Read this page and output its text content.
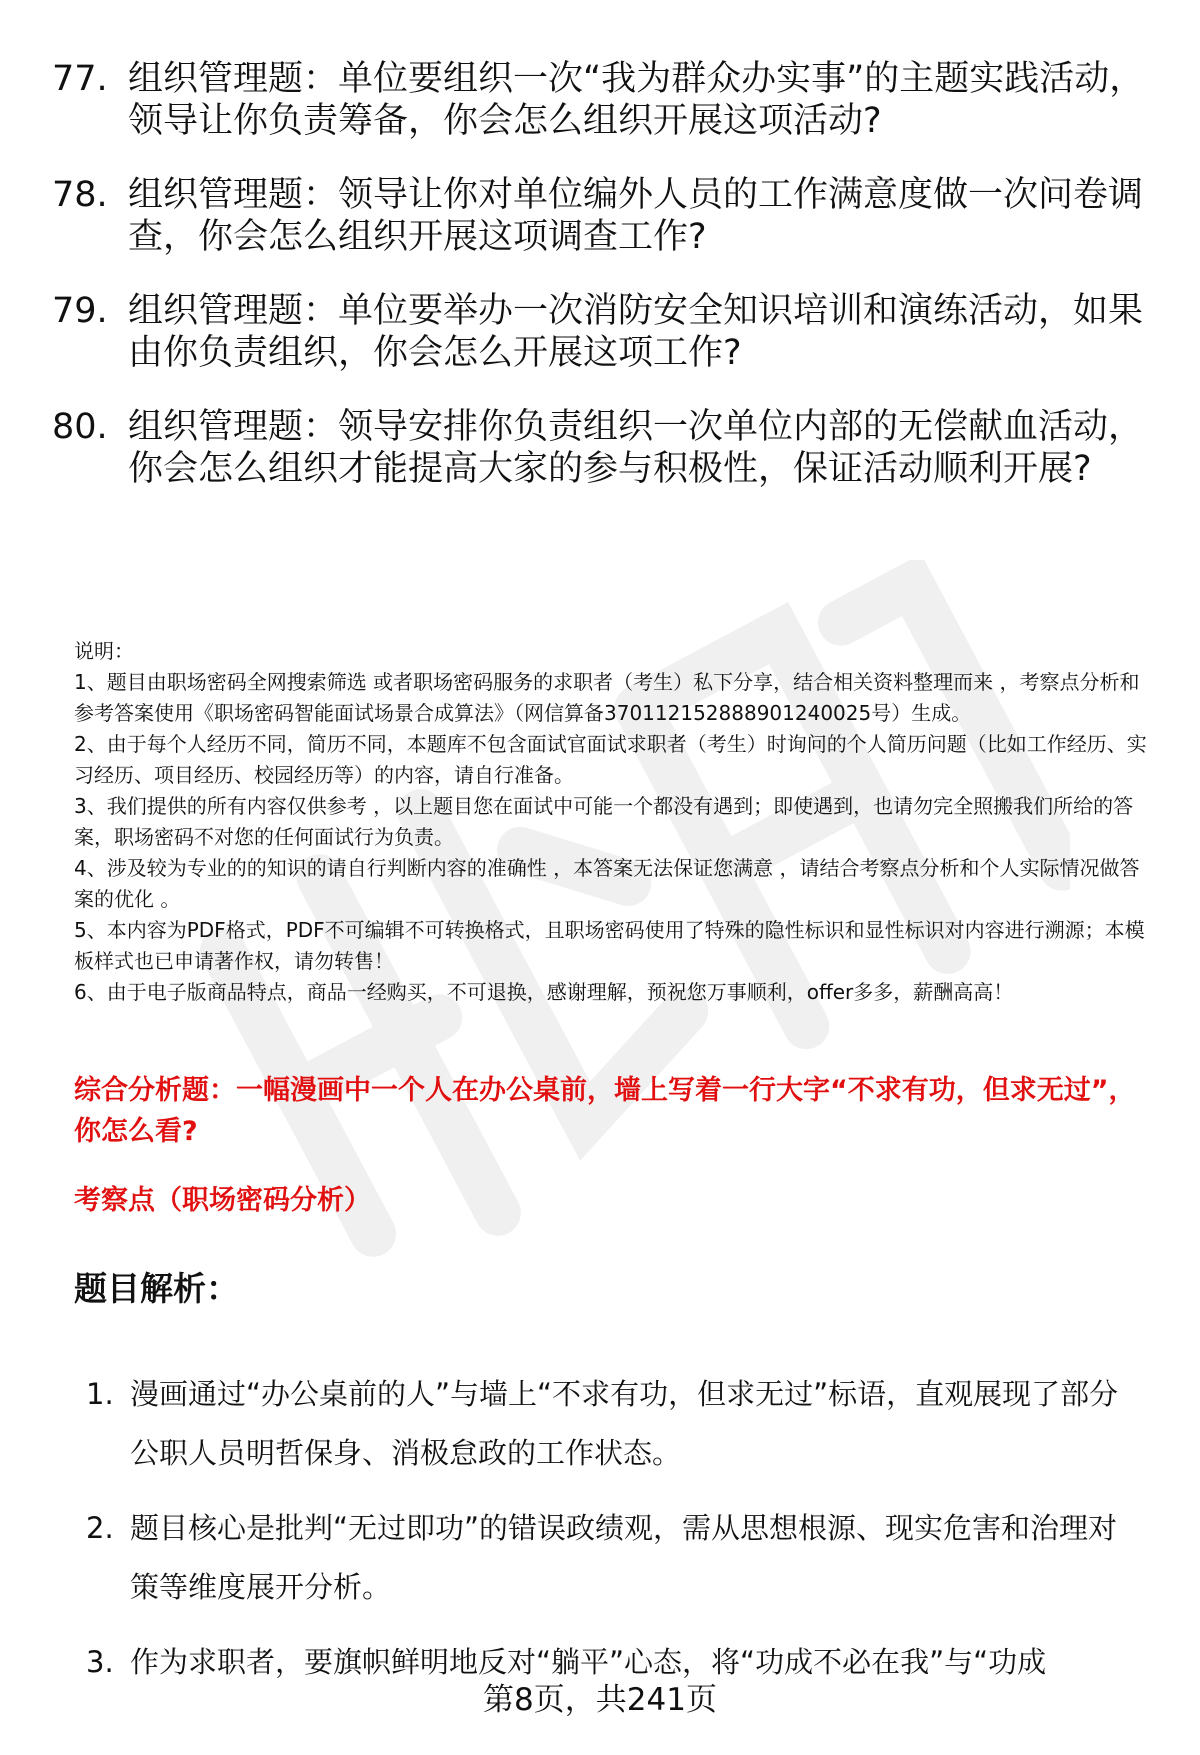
77. 组织管理题：单位要组织一次“我为群众办实事”的主题实践活动，领导让你负责筹备，你会怎么组织开展这项活动?
78. 组织管理题：领导让你对单位编外人员的工作满意度做一次问卷调查，你会怎么组织开展这项调查工作?
79. 组织管理题：单位要举办一次消防安全知识培训和演练活动，如果由你负责组织，你会怎么开展这项工作?
80. 组织管理题：领导安排你负责组织一次单位内部的无偿献血活动，你会怎么组织才能提高大家的参与积极性，保证活动顺利开展?
说明：
1、题目由职场密码全网搜索筛选 或者职场密码服务的求职者（考生）私下分享，结合相关资料整理而来 ，考察点分析和参考答案使用《职场密码智能面试场景合成算法》（网信算备370112152888901240025号）生成。
2、由于每个人经历不同，简历不同，本题库不包含面试官面试求职者（考生）时询问的个人简历问题（比如工作经历、实习经历、项目经历、校园经历等）的内容，请自行准备。
3、我们提供的所有内容仅供参考 ，以上题目您在面试中可能一个都没有遇到；即使遇到，也请勿完全照搬我们所给的答案，职场密码不对您的任何面试行为负责。
4、涉及较为专业的的知识的请自行判断内容的准确性 ，本答案无法保证您满意 ，请结合考察点分析和个人实际情况做答案的优化 。
5、本内容为PDF格式，PDF不可编辑不可转换格式，且职场密码使用了特殊的隐性标识和显性标识对内容进行溯源；本模板样式也已申请著作权，请勿转售！
6、由于电子版商品特点，商品一经购买，不可退换，感谢理解，预祝您万事顺利，offer多多，薪酬高高！
综合分析题：一幅漫画中一个人在办公桌前，墙上写着一行大字“不求有功，但求无过”，你怎么看?
考察点（职场密码分析）
题目解析：
1. 漫画通过“办公桌前的人”与墙上“不求有功，但求无过”标语，直观展现了部分公职人员明哲保身、消极怠政的工作状态。
2. 题目核心是批判“无过即功”的错误政绩观，需从思想根源、现实危害和治理对策等维度展开分析。
3. 作为求职者，要旗帜鲜明地反对“躺平”心态，将“功成不必在我”与“功成
第8页，共241页
